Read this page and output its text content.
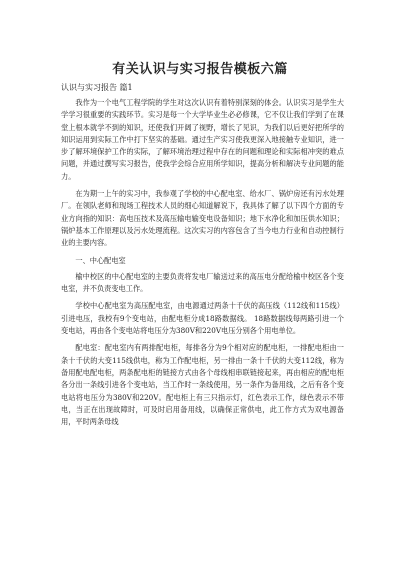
有关认识与实习报告模板六篇
认识与实习报告 篇1

我作为一个电气工程学院的学生对这次认识有着特别深刻的体会。认识实习是学生大学学习很重要的实践环节。实习是每一个大学毕业生必必修课，它不仅让我们学到了在课堂上根本就学不到的知识，还使我们开阔了视野，增长了见识，为我们以后更好把所学的知识运用到实际工作中打下坚实的基础。通过生产实习使我更深入地接触专业知识，进一步了解环境保护工作的实际，了解环境治理过程中存在的问题和理论和实际相冲突的难点问题，并通过撰写实习报告，使我学会综合应用所学知识，提高分析和解决专业问题的能力。

在为期一上午的实习中，我参观了学校的中心配电室、给水厂、锅炉房还有污水处理厂。在领队老师和现场工程技术人员的细心知道解说下，我具体了解了以下四个方面的专业方向指的知识：高电压技术及高压输电输变电设备知识；地下水净化和加压供水知识；锅炉基本工作原理以及污水处理流程。这次实习的内容包含了当今电力行业和自动控制行业的主要内容。

一、中心配电室

榆中校区的中心配电室的主要负责将发电厂输送过来的高压电分配给榆中校区各个变电室，并不负责变电工作。

学校中心配电室为高压配电室，由电源通过两条十千伏的高压线（112线和115线）引进电压，我校有9个变电站，由配电柜分成18路数据线。 18路数据线每两路引进一个变电站，再由各个变电站将电压分为380V和220V电压分别各个用电单位。

配电室：配电室内有两排配电柜，每排各分为9个相对应的配电柜，一排配电柜由一条十千伏的大变115线供电，称为工作配电柜，另一排由一条十千伏的大变112线，称为备用配电配电柜，两条配电柜的链接方式由各个母线相串联链接起来，再由相应的配电柜各分出一条线引进各个变电站，当工作时一条线使用，另一条作为备用线，之后有各个变电站将电压分为380V和220V。配电柜上有三只指示灯，红色表示工作，绿色表示不带电，当正在出现故障时，可及时启用备用线，以确保正常供电，此工作方式为双电源备用，平时两条母线
